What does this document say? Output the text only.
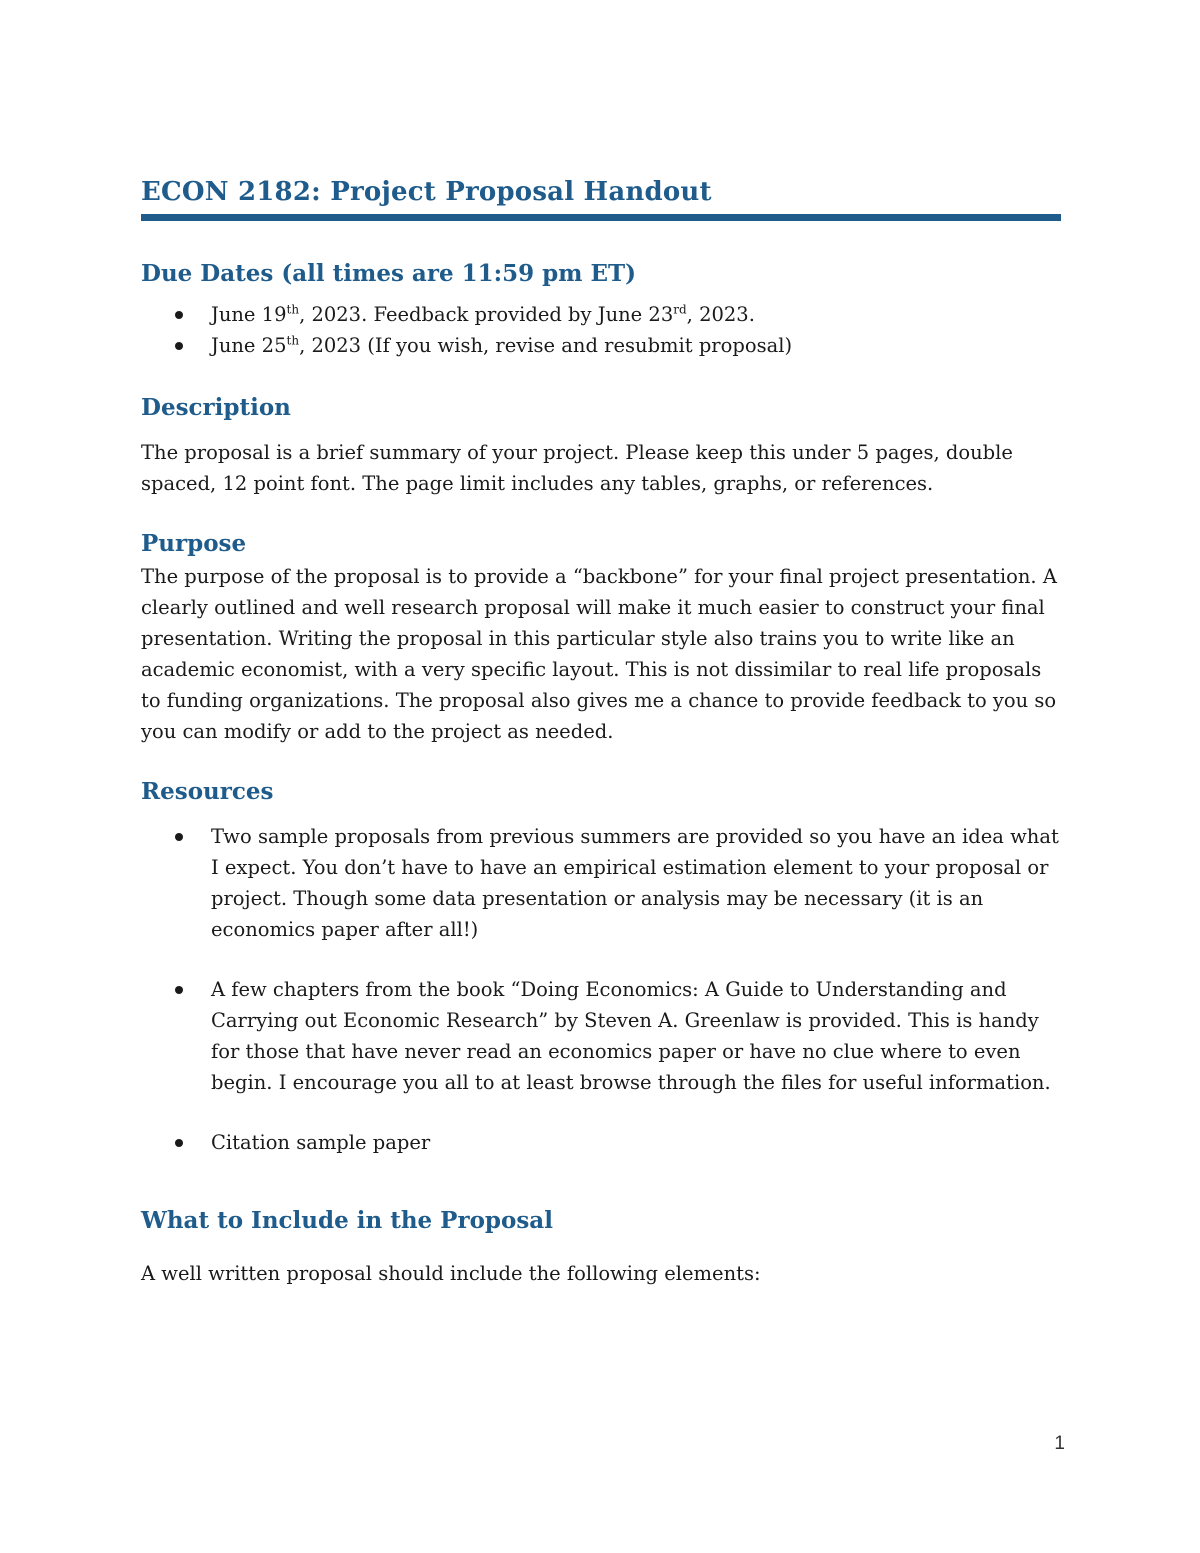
ECON 2182: Project Proposal Handout
Due Dates (all times are 11:59 pm ET)
June 19th, 2023. Feedback provided by June 23rd, 2023.
June 25th, 2023 (If you wish, revise and resubmit proposal)
Description

The proposal is a brief summary of your project. Please keep this under 5 pages, double spaced, 12 point font. The page limit includes any tables, graphs, or references.

Purpose

The purpose of the proposal is to provide a “backbone” for your final project presentation. A clearly outlined and well research proposal will make it much easier to construct your final presentation. Writing the proposal in this particular style also trains you to write like an academic economist, with a very specific layout. This is not dissimilar to real life proposals to funding organizations. The proposal also gives me a chance to provide feedback to you so you can modify or add to the project as needed.

Resources
Two sample proposals from previous summers are provided so you have an idea what I expect. You don’t have to have an empirical estimation element to your proposal or project. Though some data presentation or analysis may be necessary (it is an economics paper after all!)
A few chapters from the book “Doing Economics: A Guide to Understanding and Carrying out Economic Research” by Steven A. Greenlaw is provided. This is handy for those that have never read an economics paper or have no clue where to even begin. I encourage you all to at least browse through the files for useful information.
Citation sample paper
What to Include in the Proposal

A well written proposal should include the following elements:

1
